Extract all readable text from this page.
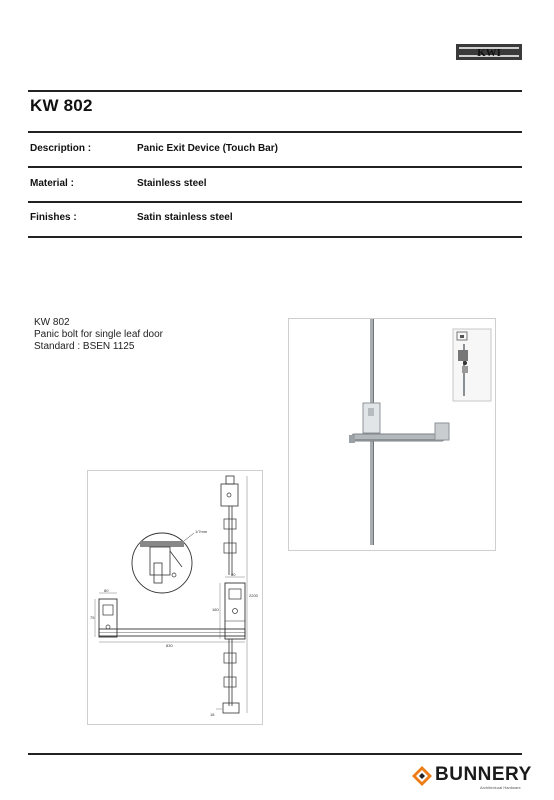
KWI
KW 802
Description :	Panic Exit Device (Touch Bar)
Material :	Stainless steel
Finishes :	Satin stainless steel
KW 802
Panic bolt for single leaf door
Standard : BSEN 1125
1/7mm
80
75
80
160
830
2200
18
BUNNERY
Architectural Hardware
